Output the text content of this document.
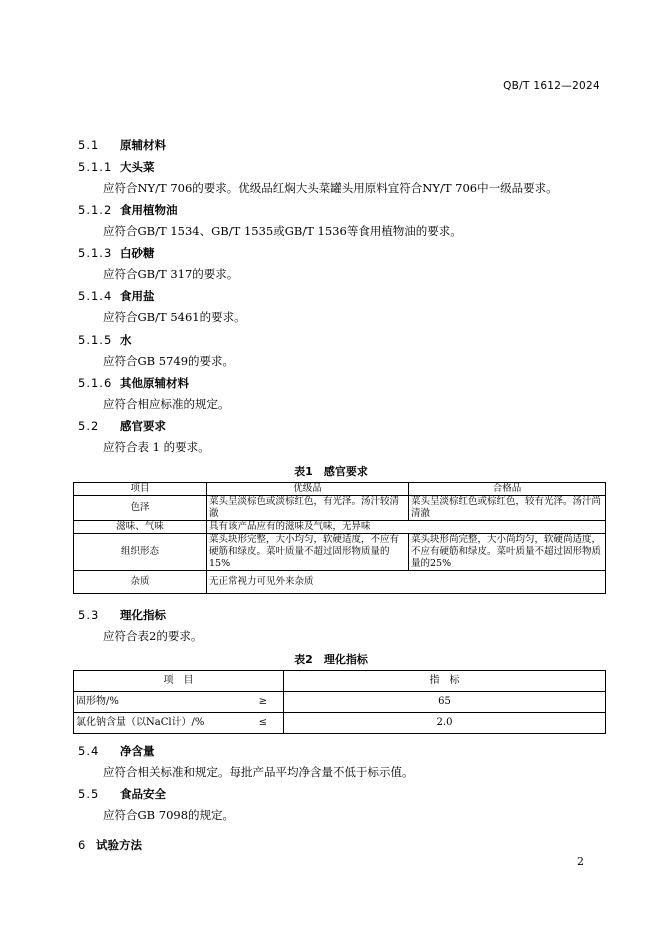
QB/T 1612—2024
5.1 原辅材料
5.1.1 大头菜
应符合NY/T 706的要求。优级品红焖大头菜罐头用原料宜符合NY/T 706中一级品要求。
5.1.2 食用植物油
应符合GB/T 1534、GB/T 1535或GB/T 1536等食用植物油的要求。
5.1.3 白砂糖
应符合GB/T 317的要求。
5.1.4 食用盐
应符合GB/T 5461的要求。
5.1.5 水
应符合GB 5749的要求。
5.1.6 其他原辅材料
应符合相应标准的规定。
5.2 感官要求
应符合表 1 的要求。
表1　感官要求
项目	优级品	合格品
色泽	菜头呈淡棕色或淡棕红色，有光泽。汤汁较清澈	菜头呈淡棕红色或棕红色，较有光泽。汤汁尚清澈
滋味、气味	具有该产品应有的滋味及气味，无异味	
组织形态	菜头块形完整，大小均匀，软硬适度，不应有硬筋和绿皮。菜叶质量不超过固形物质量的15%	菜头块形尚完整，大小尚均匀，软硬尚适度，不应有硬筋和绿皮。菜叶质量不超过固形物质量的25%
杂质	无正常视力可见外来杂质	
5.3 理化指标
应符合表2的要求。
表2　理化指标
项　目	指　标
固形物/% ≥	65
氯化钠含量（以NaCl计）/% ≤	2.0
5.4 净含量
应符合相关标准和规定。每批产品平均净含量不低于标示值。
5.5 食品安全
应符合GB 7098的规定。
6 试验方法
2
